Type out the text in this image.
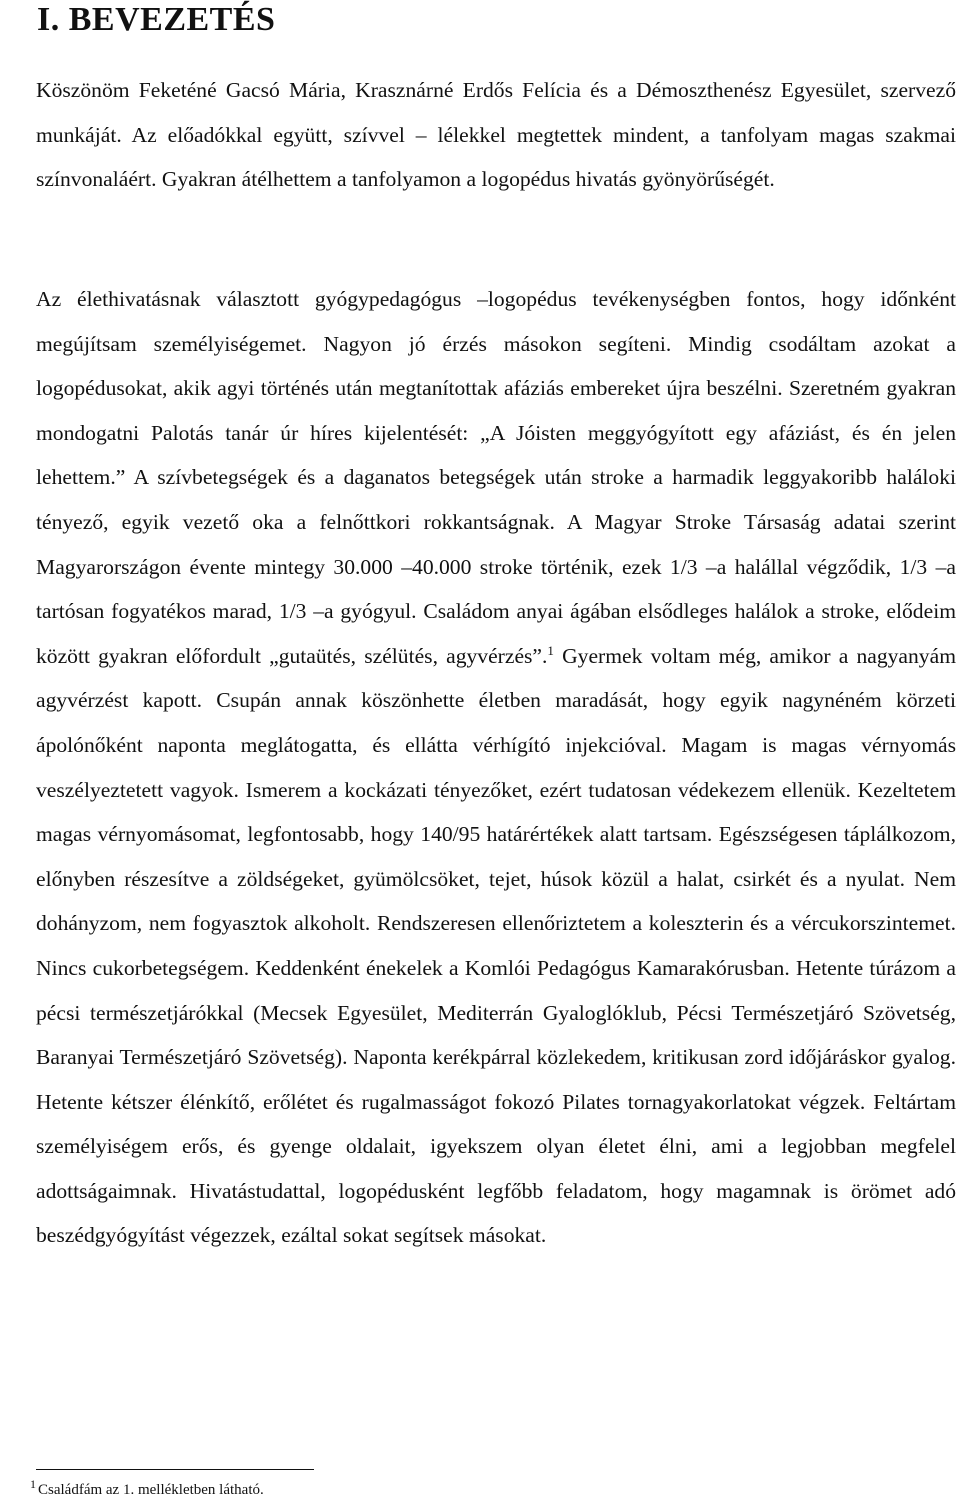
I. BEVEZETÉS

Köszönöm Feketéné Gacsó Mária, Krasznárné Erdős Felícia és a Démoszthenész Egyesület, szervező munkáját. Az előadókkal együtt, szívvel – lélekkel megtettek mindent, a tanfolyam magas szakmai színvonaláért. Gyakran átélhettem a tanfolyamon a logopédus hivatás gyönyörűségét.

Az élethivatásnak választott gyógypedagógus –logopédus tevékenységben fontos, hogy időnként megújítsam személyiségemet. Nagyon jó érzés másokon segíteni. Mindig csodáltam azokat a logopédusokat, akik agyi történés után megtanítottak afáziás embereket újra beszélni. Szeretném gyakran mondogatni Palotás tanár úr híres kijelentését: „A Jóisten meggyógyított egy afáziást, és én jelen lehettem.” A szívbetegségek és a daganatos betegségek után stroke a harmadik leggyakoribb haláloki tényező, egyik vezető oka a felnőttkori rokkantságnak. A Magyar Stroke Társaság adatai szerint Magyarországon évente mintegy 30.000 –40.000 stroke történik, ezek 1/3 –a halállal végződik, 1/3 –a tartósan fogyatékos marad, 1/3 –a gyógyul. Családom anyai ágában elsődleges halálok a stroke, elődeim között gyakran előfordult „gutaütés, szélütés, agyvérzés”.$^1$ Gyermek voltam még, amikor a nagyanyám agyvérzést kapott. Csupán annak köszönhette életben maradását, hogy egyik nagynéném körzeti ápolónőként naponta meglátogatta, és ellátta vérhígító injekcióval. Magam is magas vérnyomás veszélyeztetett vagyok. Ismerem a kockázati tényezőket, ezért tudatosan védekezem ellenük. Kezeltetem magas vérnyomásomat, legfontosabb, hogy 140/95 határértékek alatt tartsam. Egészségesen táplálkozom, előnyben részesítve a zöldségeket, gyümölcsöket, tejet, húsok közül a halat, csirkét és a nyulat. Nem dohányzom, nem fogyasztok alkoholt. Rendszeresen ellenőriztetem a koleszterin és a vércukorszintemet. Nincs cukorbetegségem. Keddenként énekelek a Komlói Pedagógus Kamarakórusban. Hetente túrázom a pécsi természetjárókkal (Mecsek Egyesület, Mediterrán Gyaloglóklub, Pécsi Természetjáró Szövetség, Baranyai Természetjáró Szövetség). Naponta kerékpárral közlekedem, kritikusan zord időjáráskor gyalog. Hetente kétszer élénkítő, erőlétet és rugalmasságot fokozó Pilates tornagyakorlatokat végzek. Feltártam személyiségem erős, és gyenge oldalait, igyekszem olyan életet élni, ami a legjobban megfelel adottságaimnak. Hivatástudattal, logopédusként legfőbb feladatom, hogy magamnak is örömet adó beszédgyógyítást végezzek, ezáltal sokat segítsek másokat.

$^1$ Családfám az 1. mellékletben látható.
